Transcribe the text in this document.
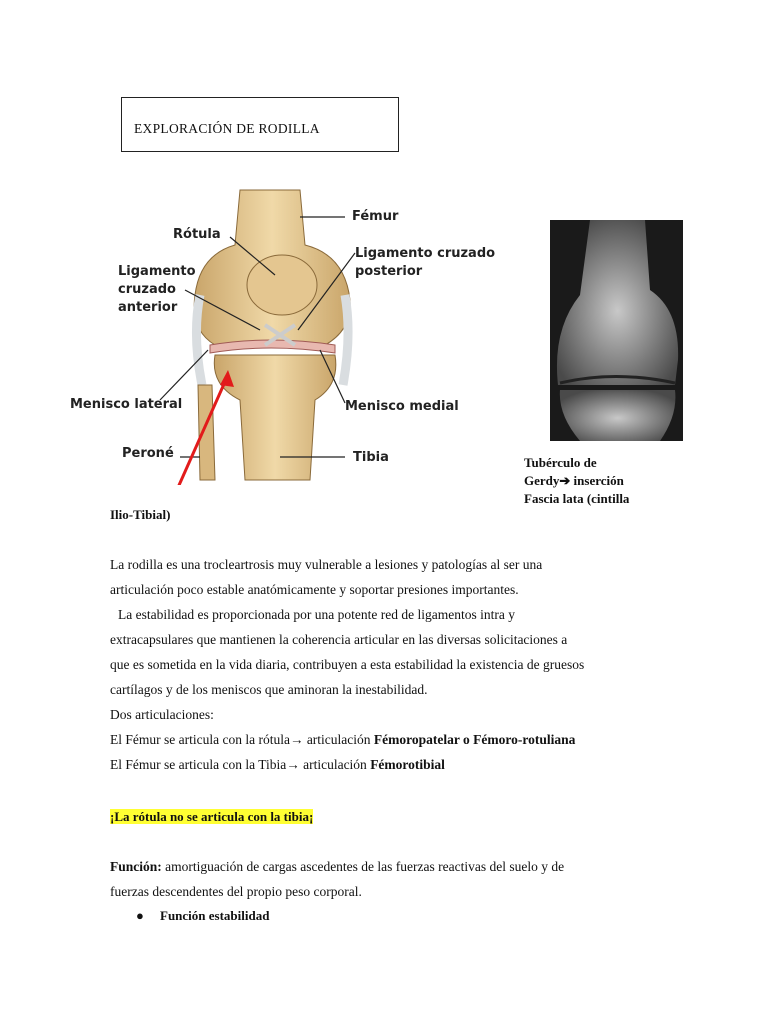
EXPLORACIÓN DE RODILLA
Fémur
Rótula
Ligamento
cruzado
anterior
Ligamento cruzado
posterior
Menisco lateral	Menisco medial
Peroné	Tibia	Tubérculo de
Gerdy➔ inserción
Fascia lata (cintilla
Ilio-Tibial)
La rodilla es una trocleartrosis muy vulnerable a lesiones y patologías al ser una
articulación poco estable anatómicamente y soportar presiones importantes.
La estabilidad es proporcionada por una potente red de ligamentos intra y
extracapsulares que mantienen la coherencia articular en las diversas solicitaciones a
que es sometida en la vida diaria, contribuyen a esta estabilidad la existencia de gruesos
cartílagos y de los meniscos que aminoran la inestabilidad.
Dos articulaciones:
El Fémur se articula con la rótula→ articulación Fémoropatelar o Fémoro-rotuliana
El Fémur se articula con la Tibia→ articulación Fémorotibial
¡La rótula no se articula con la tibia¡
Función: amortiguación de cargas ascedentes de las fuerzas reactivas del suelo y de
fuerzas descendentes del propio peso corporal.
● Función estabilidad
